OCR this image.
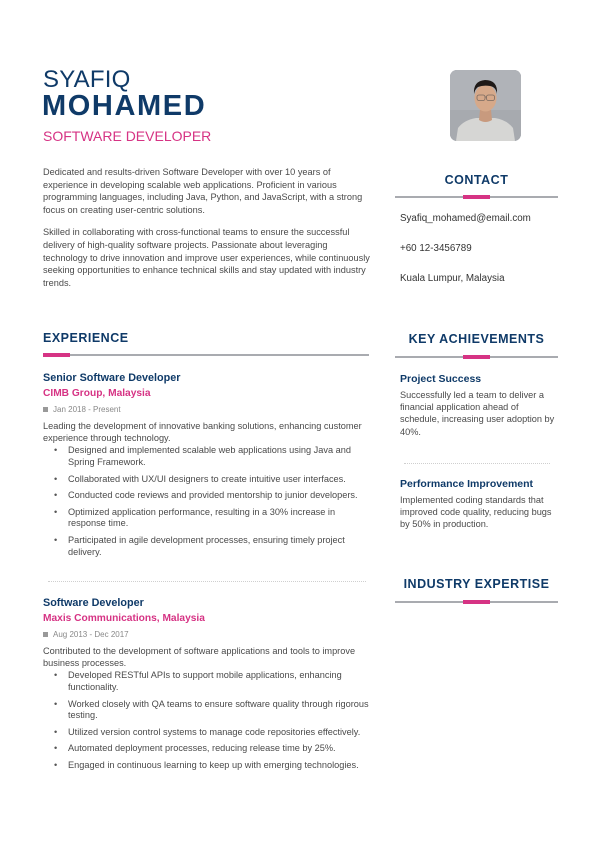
SYAFIQ
MOHAMED
SOFTWARE DEVELOPER

Dedicated and results-driven Software Developer with over 10 years of experience in developing scalable web applications. Proficient in various programming languages, including Java, Python, and JavaScript, with a strong focus on creating user-centric solutions.

Skilled in collaborating with cross-functional teams to ensure the successful delivery of high-quality software projects. Passionate about leveraging technology to drive innovation and improve user experiences, while continuously seeking opportunities to enhance technical skills and stay updated with industry trends.

CONTACT
Syafiq_mohamed@email.com
+60 12-3456789
Kuala Lumpur, Malaysia
EXPERIENCE
Senior Software Developer
CIMB Group, Malaysia
Jan 2018 - Present
Leading the development of innovative banking solutions, enhancing customer experience through technology.
• Designed and implemented scalable web applications using Java and Spring Framework.
• Collaborated with UX/UI designers to create intuitive user interfaces.
• Conducted code reviews and provided mentorship to junior developers.
• Optimized application performance, resulting in a 30% increase in response time.
• Participated in agile development processes, ensuring timely project delivery.
Software Developer
Maxis Communications, Malaysia
Aug 2013 - Dec 2017
Contributed to the development of software applications and tools to improve business processes.
• Developed RESTful APIs to support mobile applications, enhancing functionality.
• Worked closely with QA teams to ensure software quality through rigorous testing.
• Utilized version control systems to manage code repositories effectively.
• Automated deployment processes, reducing release time by 25%.
• Engaged in continuous learning to keep up with emerging technologies.
KEY ACHIEVEMENTS
Project Success
Successfully led a team to deliver a financial application ahead of schedule, increasing user adoption by 40%.
Performance Improvement
Implemented coding standards that improved code quality, reducing bugs by 50% in production.
INDUSTRY EXPERTISE
